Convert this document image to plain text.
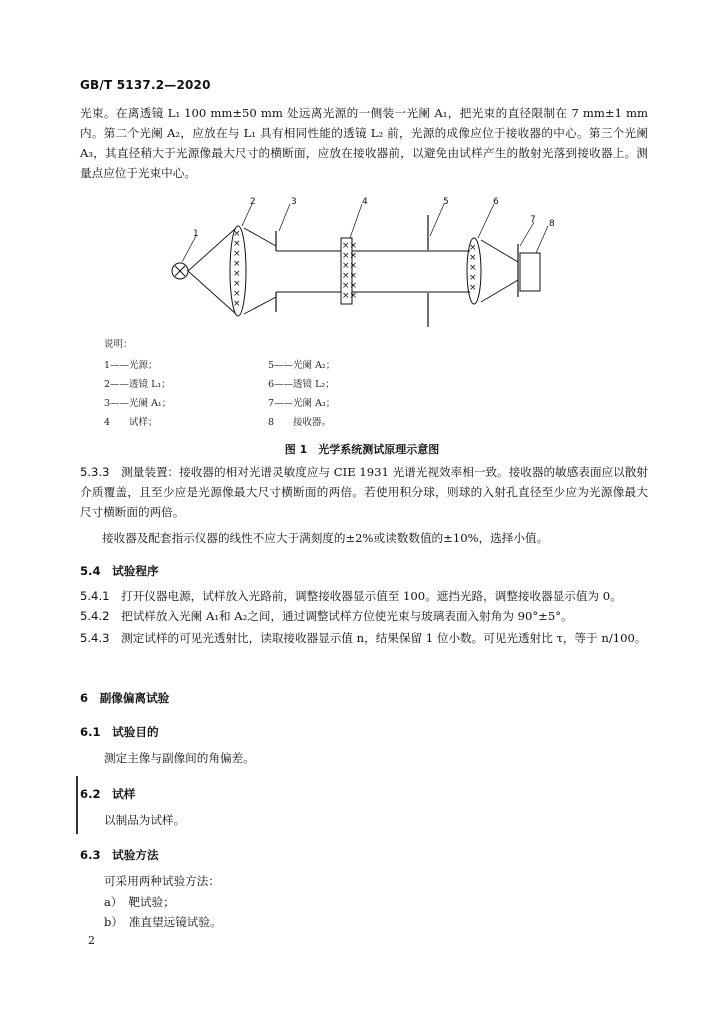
GB/T 5137.2—2020
光束。在离透镜 L₁ 100 mm±50 mm 处远离光源的一侧装一光阑 A₁，把光束的直径限制在 7 mm±1 mm内。第二个光阑 A₂，应放在与 L₁ 具有相同性能的透镜 L₂ 前，光源的成像应位于接收器的中心。第三个光阑 A₃，其直径稍大于光源像最大尺寸的横断面，应放在接收器前，以避免由试样产生的散射光落到接收器上。测量点应位于光束中心。
×
×
×
×
×
×
×
×
××
××
××
××
××
××
×
×
×
×
×
1
2	3	4	5	6
7 8
说明：
1——光源；
2——透镜 L₁；
3——光阑 A₁；
4　　试样；
5——光阑 A₂；
6——透镜 L₂；
7——光阑 A₃；
8　　接收器。
图 1　光学系统测试原理示意图
5.3.3　 测量装置：接收器的相对光谱灵敏度应与 CIE 1931 光谱光视效率相一致。接收器的敏感表面应以散射介质覆盖，且至少应是光源像最大尺寸横断面的两倍。若使用积分球，则球的入射孔直径至少应为光源像最大尺寸横断面的两倍。
接收器及配套指示仪器的线性不应大于满刻度的±2%或读数数值的±10%，选择小值。
5.4　 试验程序
5.4.1　 打开仪器电源，试样放入光路前，调整接收器显示值至 100。遮挡光路，调整接收器显示值为 0。
5.4.2　 把试样放入光阑 A₁和 A₂之间，通过调整试样方位使光束与玻璃表面入射角为 90°±5°。
5.4.3　 测定试样的可见光透射比，读取接收器显示值 n，结果保留 1 位小数。可见光透射比 τ，等于 n/100。
6　 副像偏离试验
6.1　 试验目的
测定主像与副像间的角偏差。
6.2　 试样
以制品为试样。
6.3　 试验方法
可采用两种试验方法：
a）　 靶试验；
b）　 准直望远镜试验。
2
